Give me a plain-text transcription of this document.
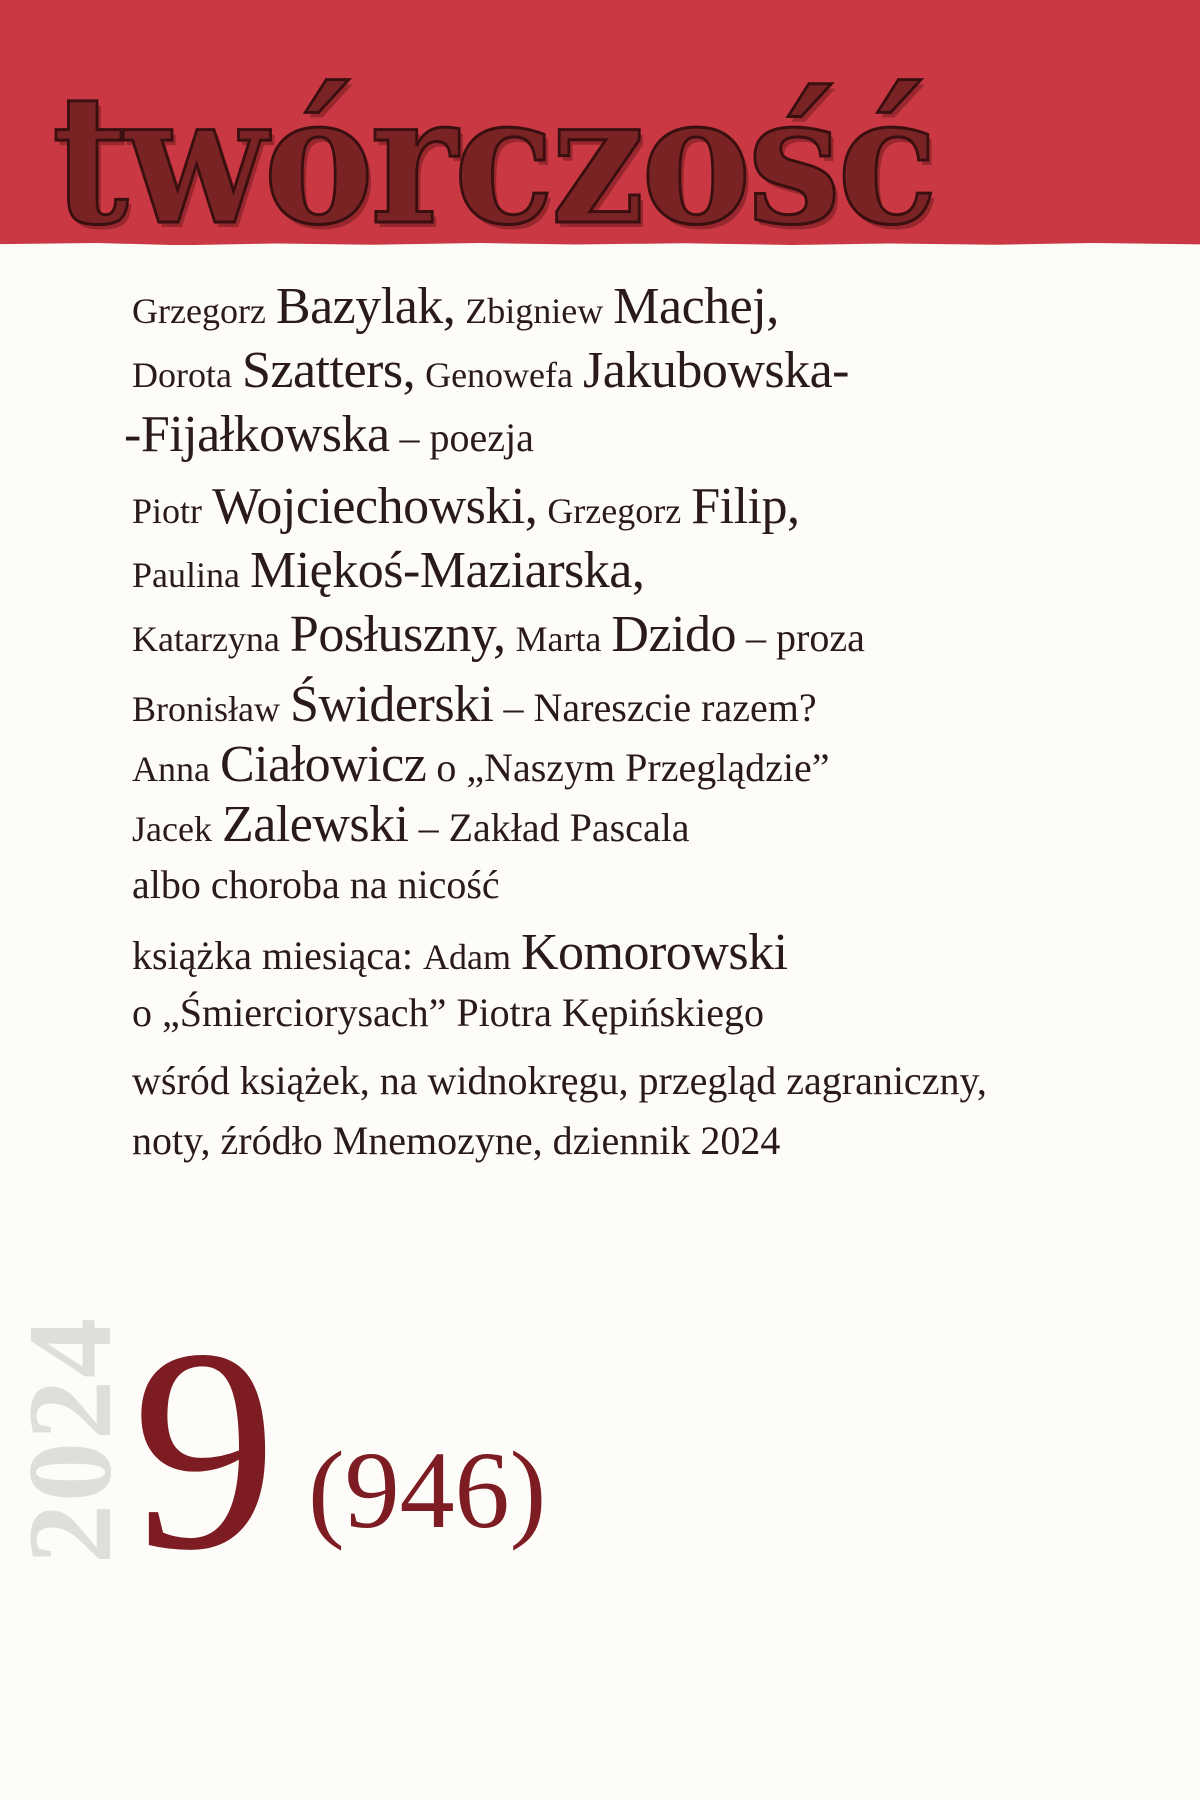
twórczość
Grzegorz Bazylak, Zbigniew Machej,
Dorota Szatters, Genowefa Jakubowska-
-Fijałkowska – poezja
Piotr Wojciechowski, Grzegorz Filip,
Paulina Miękoś-Maziarska,
Katarzyna Posłuszny, Marta Dzido – proza
Bronisław Świderski – Nareszcie razem?
Anna Ciałowicz o „Naszym Przeglądzie”
Jacek Zalewski – Zakład Pascala
albo choroba na nicość
książka miesiąca: Adam Komorowski
o „Śmierciorysach” Piotra Kępińskiego
wśród książek, na widnokręgu, przegląd zagraniczny,
noty, źródło Mnemozyne, dziennik 2024
2024
9 (946)
